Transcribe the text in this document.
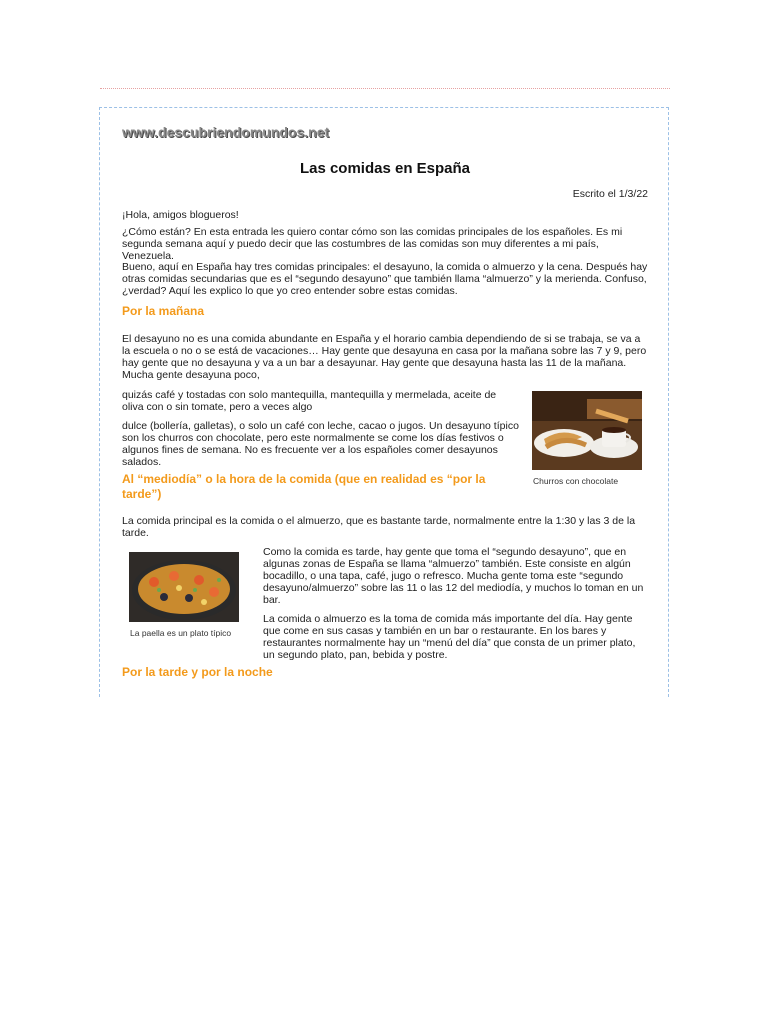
www.descubriendomundos.net
Las comidas en España
Escrito el 1/3/22

¡Hola, amigos blogueros!

¿Cómo están? En esta entrada les quiero contar cómo son las comidas principales de los españoles. Es mi segunda semana aquí y puedo decir que las costumbres de las comidas son muy diferentes a mi país, Venezuela.

Bueno, aquí en España hay tres comidas principales: el desayuno, la comida o almuerzo y la cena. Después hay otras comidas secundarias que es el “segundo desayuno” que también llama “almuerzo” y la merienda. Confuso, ¿verdad? Aquí les explico lo que yo creo entender sobre estas comidas.

Por la mañana

El desayuno no es una comida abundante en España y el horario cambia dependiendo de si se trabaja, se va a la escuela o no o se está de vacaciones… Hay gente que desayuna en casa por la mañana sobre las 7 y 9, pero hay gente que no desayuna y va a un bar a desayunar. Hay gente que desayuna hasta las 11 de la mañana. Mucha gente desayuna poco,

quizás café y tostadas con solo mantequilla, mantequilla y mermelada, aceite de oliva con o sin tomate, pero a veces algo

dulce (bollería, galletas), o solo un café con leche, cacao o jugos. Un desayuno típico son los churros con chocolate, pero este normalmente se come los días festivos o algunos fines de semana. No es frecuente ver a los españoles comer desayunos salados.

Churros con chocolate
Al “mediodía” o la hora de la comida (que en realidad es “por la tarde”)

La comida principal es la comida o el almuerzo, que es bastante tarde, normalmente entre la 1:30 y las 3 de la tarde.

La paella es un plato típico

Como la comida es tarde, hay gente que toma el “segundo desayuno”, que en algunas zonas de España se llama “almuerzo” también. Este consiste en algún bocadillo, o una tapa, café, jugo o refresco. Mucha gente toma este “segundo desayuno/almuerzo” sobre las 11 o las 12 del mediodía, y muchos lo toman en un bar.

La comida o almuerzo es la toma de comida más importante del día. Hay gente que come en sus casas y también en un bar o restaurante. En los bares y restaurantes normalmente hay un “menú del día” que consta de un primer plato, un segundo plato, pan, bebida y postre.

Por la tarde y por la noche
